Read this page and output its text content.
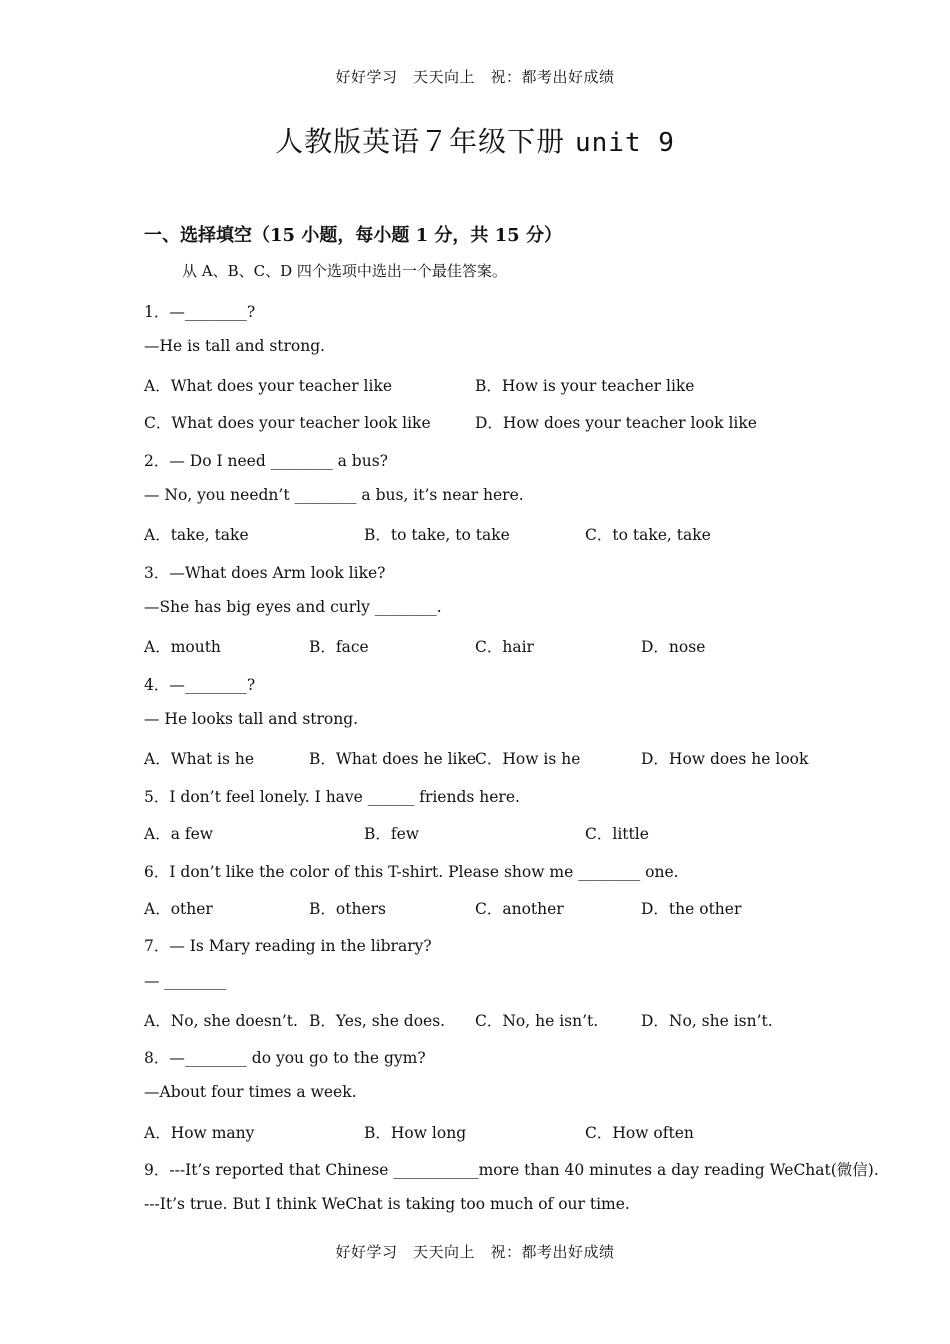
好好学习　天天向上　祝：都考出好成绩
人教版英语７年级下册 unit 9
一、选择填空（15 小题，每小题 1 分，共 15 分）
从 A、B、C、D 四个选项中选出一个最佳答案。
1．—________?
—He is tall and strong.
A．What does your teacher like	B．How is your teacher like
C．What does your teacher look like	D．How does your teacher look like
2．— Do I need ________ a bus?
— No, you needn’t ________ a bus, it’s near here.
A．take, take	B．to take, to take	C．to take, take
3．—What does Arm look like?
—She has big eyes and curly ________.
A．mouth	B．face	C．hair	D．nose
4．—________?
— He looks tall and strong.
A．What is he	B．What does he like
C．How is he	D．How does he look
5．I don’t feel lonely. I have ______ friends here.
A．a few	B．few	C．little
6．I don’t like the color of this T-shirt. Please show me ________ one.
A．other	B．others	C．another	D．the other
7．— Is Mary reading in the library?
— ________
A．No, she doesn’t. B．Yes, she does. C．No, he isn’t.	D．No, she isn’t.
8．—________ do you go to the gym?
—About four times a week.
A．How many	B．How long	C．How often
9．---It’s reported that Chinese ___________more than 40 minutes a day reading WeChat(微信).
---It’s true. But I think WeChat is taking too much of our time.
好好学习　天天向上　祝：都考出好成绩
